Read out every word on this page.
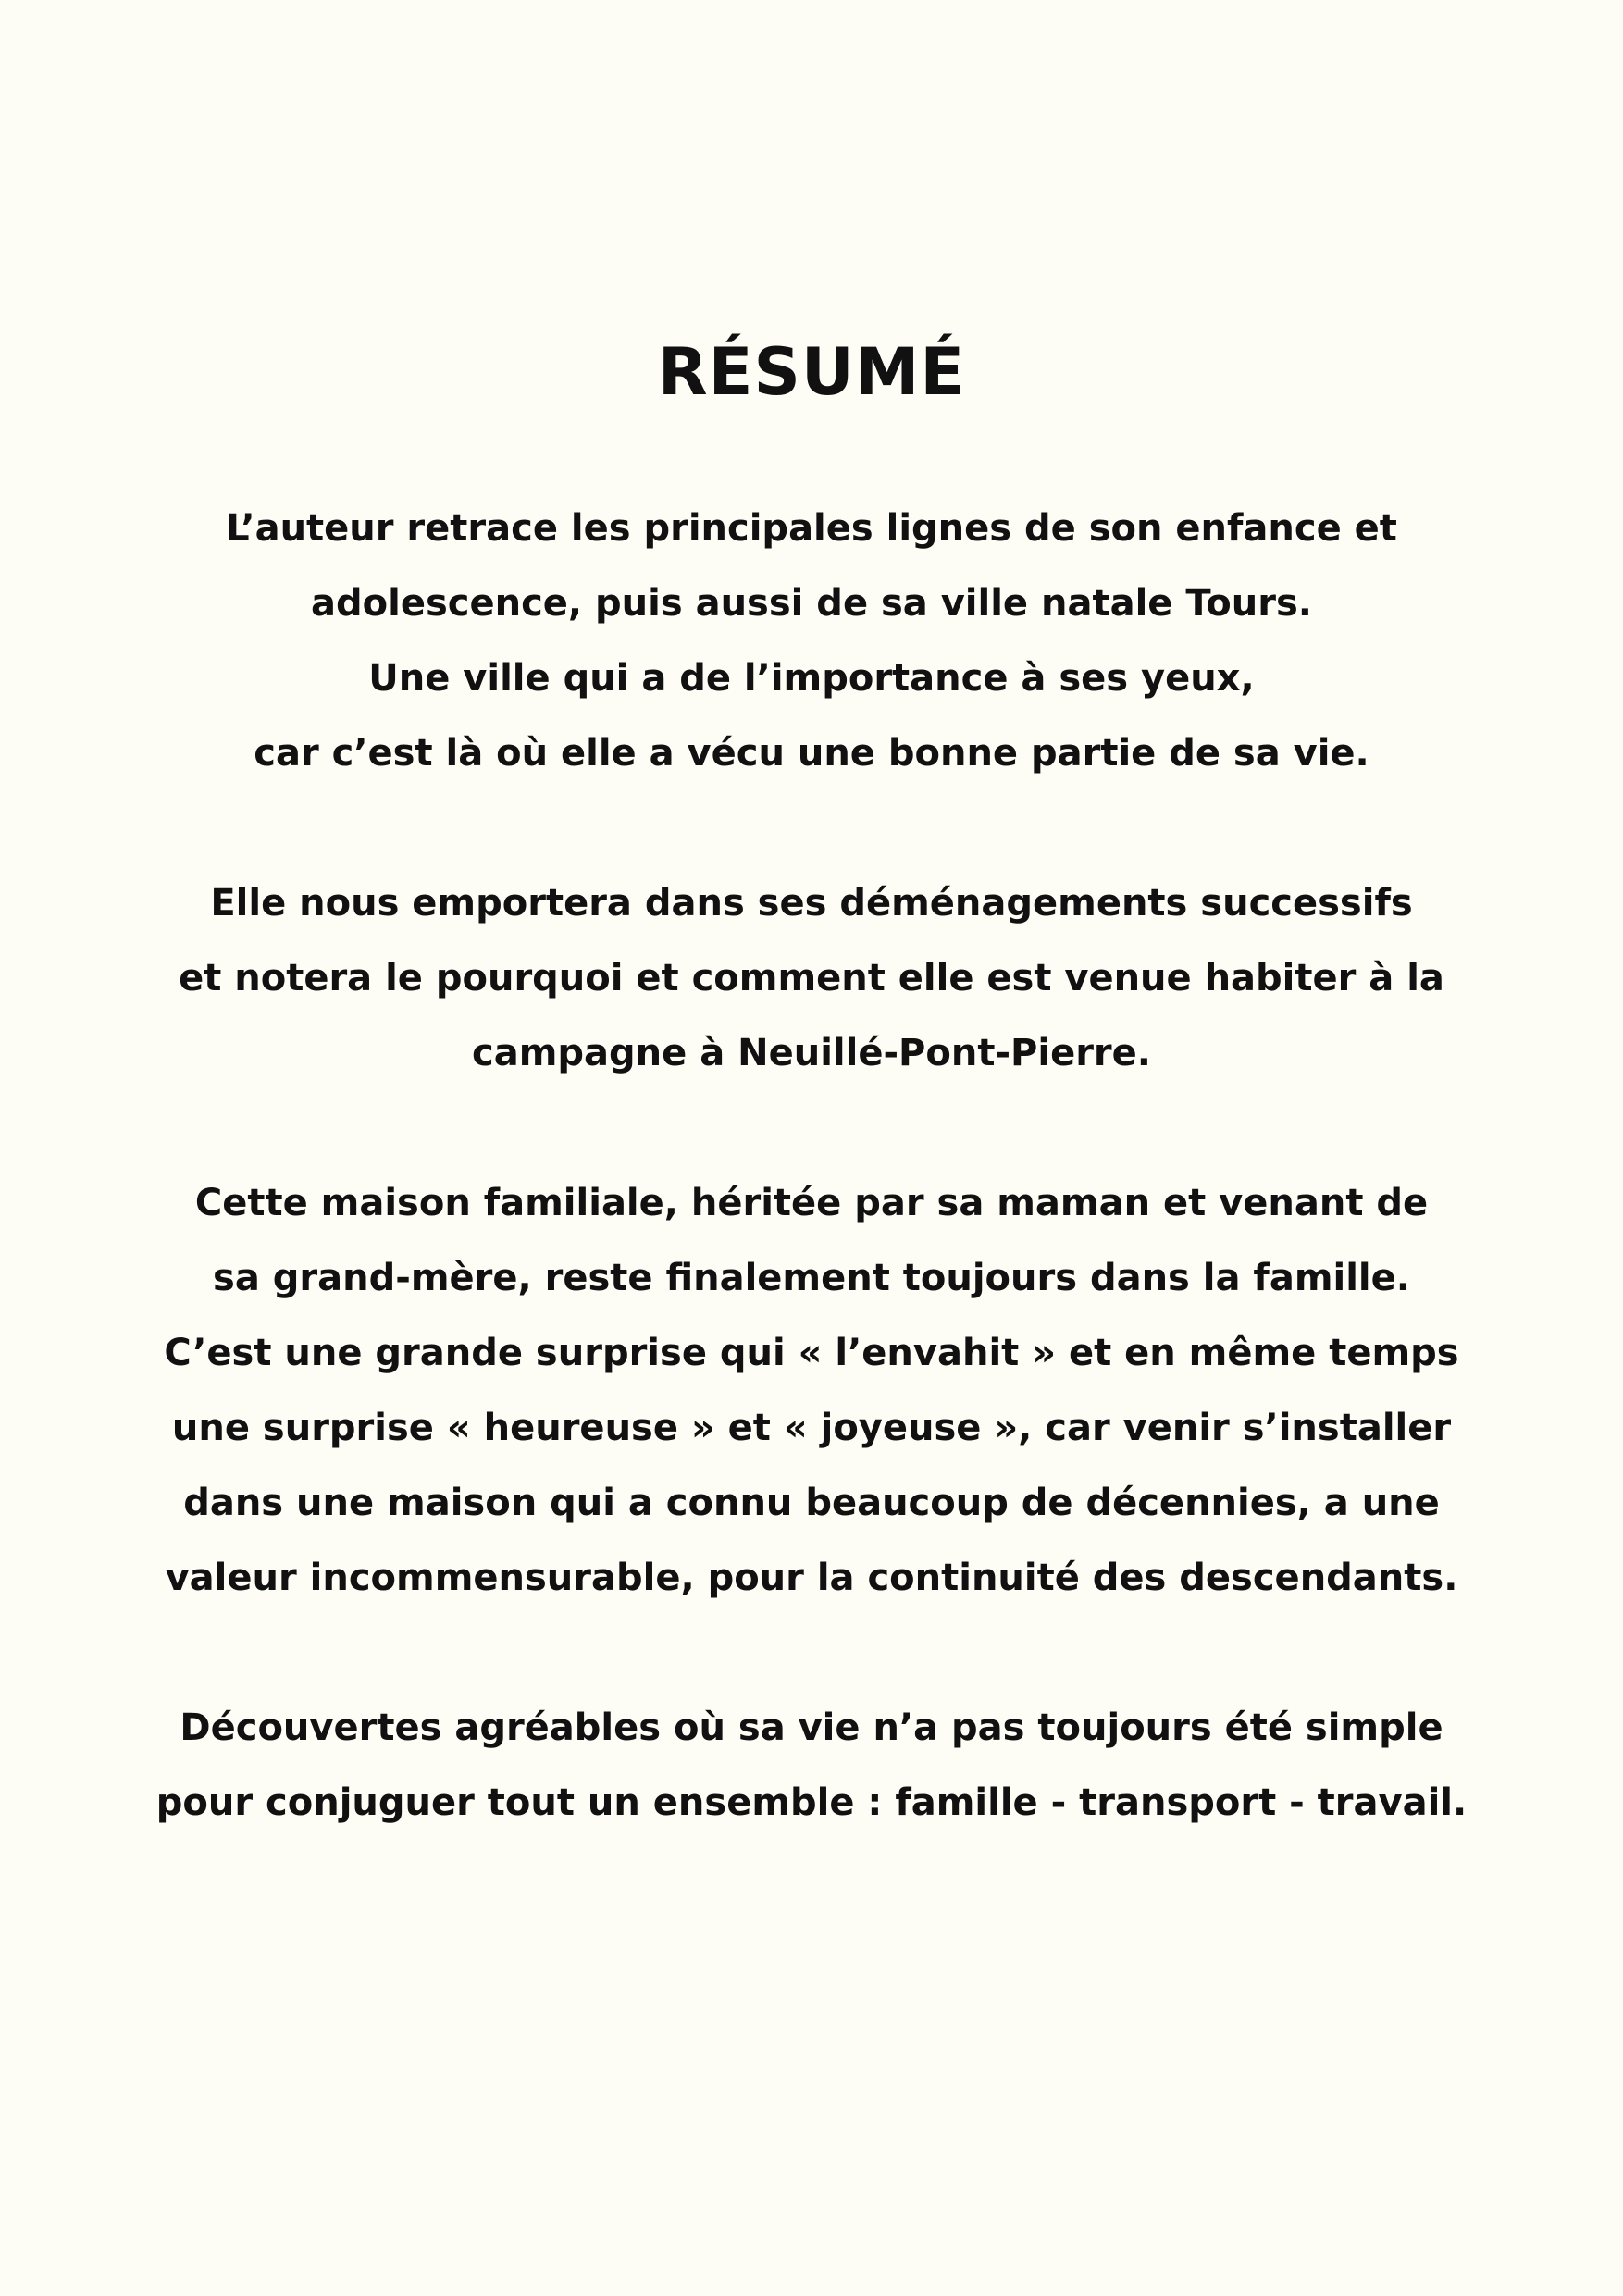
RÉSUMÉ

L’auteur retrace les principales lignes de son enfance et
adolescence, puis aussi de sa ville natale Tours.
Une ville qui a de l’importance à ses yeux,
car c’est là où elle a vécu une bonne partie de sa vie.

Elle nous emportera dans ses déménagements successifs
et notera le pourquoi et comment elle est venue habiter à la
campagne à Neuillé-Pont-Pierre.

Cette maison familiale, héritée par sa maman et venant de
sa grand-mère, reste finalement toujours dans la famille.
C’est une grande surprise qui « l’envahit » et en même temps
une surprise « heureuse » et « joyeuse », car venir s’installer
dans une maison qui a connu beaucoup de décennies, a une
valeur incommensurable, pour la continuité des descendants.

Découvertes agréables où sa vie n’a pas toujours été simple
pour conjuguer tout un ensemble : famille - transport - travail.
